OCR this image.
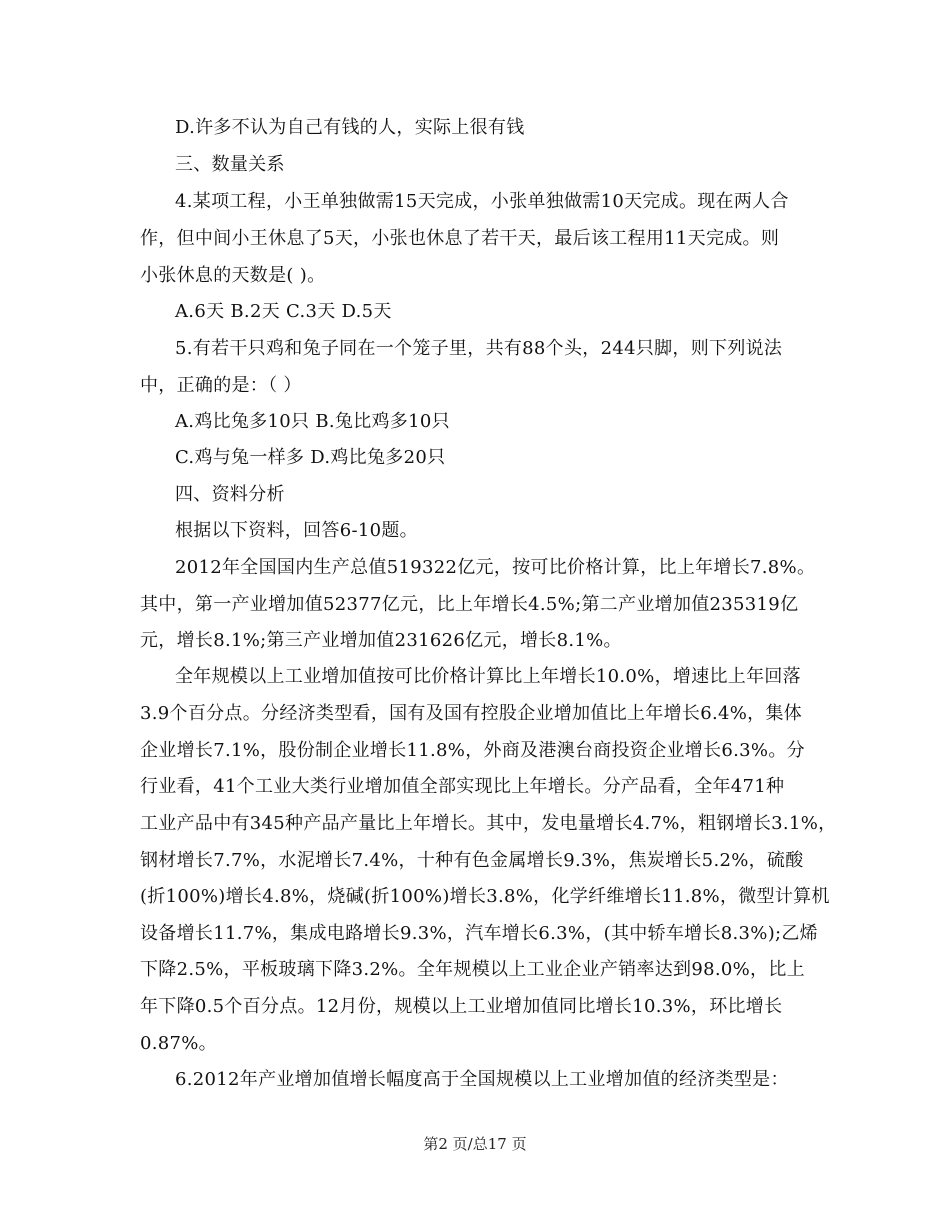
D.许多不认为自己有钱的人，实际上很有钱
三、数量关系
4.某项工程，小王单独做需15天完成，小张单独做需10天完成。现在两人合
作，但中间小王休息了5天，小张也休息了若干天，最后该工程用11天完成。则
小张休息的天数是( )。
A.6天 B.2天 C.3天 D.5天
5.有若干只鸡和兔子同在一个笼子里，共有88个头，244只脚，则下列说法
中，正确的是：（ ）
A.鸡比兔多10只 B.兔比鸡多10只
C.鸡与兔一样多 D.鸡比兔多20只
四、资料分析
根据以下资料，回答6-10题。
2012年全国国内生产总值519322亿元，按可比价格计算，比上年增长7.8%。
其中，第一产业增加值52377亿元，比上年增长4.5%;第二产业增加值235319亿
元，增长8.1%;第三产业增加值231626亿元，增长8.1%。
全年规模以上工业增加值按可比价格计算比上年增长10.0%，增速比上年回落
3.9个百分点。分经济类型看，国有及国有控股企业增加值比上年增长6.4%，集体
企业增长7.1%，股份制企业增长11.8%，外商及港澳台商投资企业增长6.3%。分
行业看，41个工业大类行业增加值全部实现比上年增长。分产品看，全年471种
工业产品中有345种产品产量比上年增长。其中，发电量增长4.7%，粗钢增长3.1%，
钢材增长7.7%，水泥增长7.4%，十种有色金属增长9.3%，焦炭增长5.2%，硫酸
(折100%)增长4.8%，烧碱(折100%)增长3.8%，化学纤维增长11.8%，微型计算机
设备增长11.7%，集成电路增长9.3%，汽车增长6.3%，(其中轿车增长8.3%);乙烯
下降2.5%，平板玻璃下降3.2%。全年规模以上工业企业产销率达到98.0%，比上
年下降0.5个百分点。12月份，规模以上工业增加值同比增长10.3%，环比增长
0.87%。
6.2012年产业增加值增长幅度高于全国规模以上工业增加值的经济类型是：
第2 页/总17 页
